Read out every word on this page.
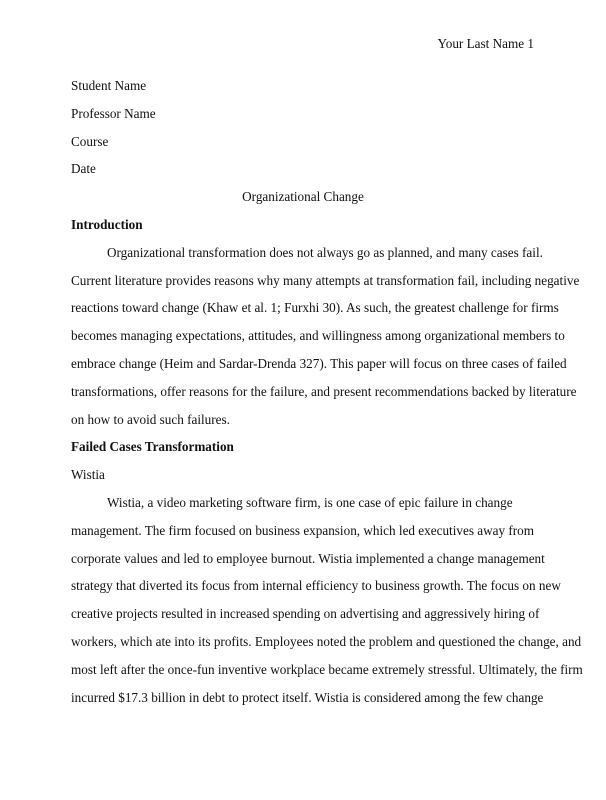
Your Last Name 1
Student Name
Professor Name
Course
Date
Organizational Change
Introduction
Organizational transformation does not always go as planned, and many cases fail.
Current literature provides reasons why many attempts at transformation fail, including negative
reactions toward change (Khaw et al. 1; Furxhi 30). As such, the greatest challenge for firms
becomes managing expectations, attitudes, and willingness among organizational members to
embrace change (Heim and Sardar-Drenda 327). This paper will focus on three cases of failed
transformations, offer reasons for the failure, and present recommendations backed by literature
on how to avoid such failures.
Failed Cases Transformation
Wistia
Wistia, a video marketing software firm, is one case of epic failure in change
management. The firm focused on business expansion, which led executives away from
corporate values and led to employee burnout. Wistia implemented a change management
strategy that diverted its focus from internal efficiency to business growth. The focus on new
creative projects resulted in increased spending on advertising and aggressively hiring of
workers, which ate into its profits. Employees noted the problem and questioned the change, and
most left after the once-fun inventive workplace became extremely stressful. Ultimately, the firm
incurred $17.3 billion in debt to protect itself. Wistia is considered among the few change
